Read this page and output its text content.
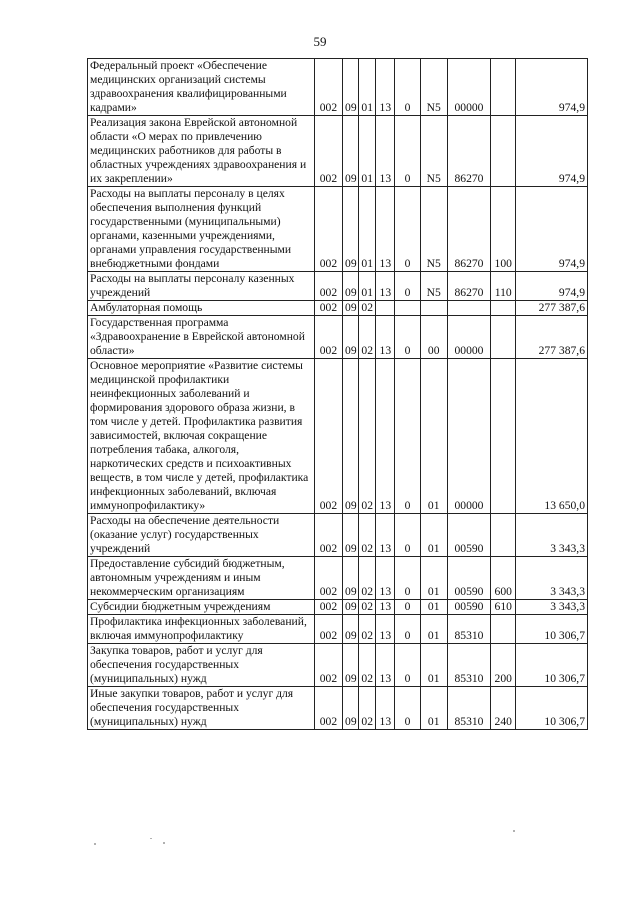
59
Федеральный проект «Обеспечение медицинских организаций системы здравоохранения квалифицированными кадрами»	002	09	01	13	0	N5	00000		974,9
Реализация закона Еврейской автономной области «О мерах по привлечению медицинских работников для работы в областных учреждениях здравоохранения и их закреплении»	002	09	01	13	0	N5	86270		974,9
Расходы на выплаты персоналу в целях обеспечения выполнения функций государственными (муниципальными) органами, казенными учреждениями, органами управления государственными внебюджетными фондами	002	09	01	13	0	N5	86270	100	974,9
Расходы на выплаты персоналу казенных учреждений	002	09	01	13	0	N5	86270	110	974,9
Амбулаторная помощь	002	09	02						277 387,6
Государственная программа «Здравоохранение в Еврейской автономной области»	002	09	02	13	0	00	00000		277 387,6
Основное мероприятие «Развитие системы медицинской профилактики неинфекционных заболеваний и формирования здорового образа жизни, в том числе у детей. Профилактика развития зависимостей, включая сокращение потребления табака, алкоголя, наркотических средств и психоактивных веществ, в том числе у детей, профилактика инфекционных заболеваний, включая иммунопрофилактику»	002	09	02	13	0	01	00000		13 650,0
Расходы на обеспечение деятельности (оказание услуг) государственных учреждений	002	09	02	13	0	01	00590		3 343,3
Предоставление субсидий бюджетным, автономным учреждениям и иным некоммерческим организациям	002	09	02	13	0	01	00590	600	3 343,3
Субсидии бюджетным учреждениям	002	09	02	13	0	01	00590	610	3 343,3
Профилактика инфекционных заболеваний, включая иммунопрофилактику	002	09	02	13	0	01	85310		10 306,7
Закупка товаров, работ и услуг для обеспечения государственных (муниципальных) нужд	002	09	02	13	0	01	85310	200	10 306,7
Иные закупки товаров, работ и услуг для обеспечения государственных (муниципальных) нужд	002	09	02	13	0	01	85310	240	10 306,7
